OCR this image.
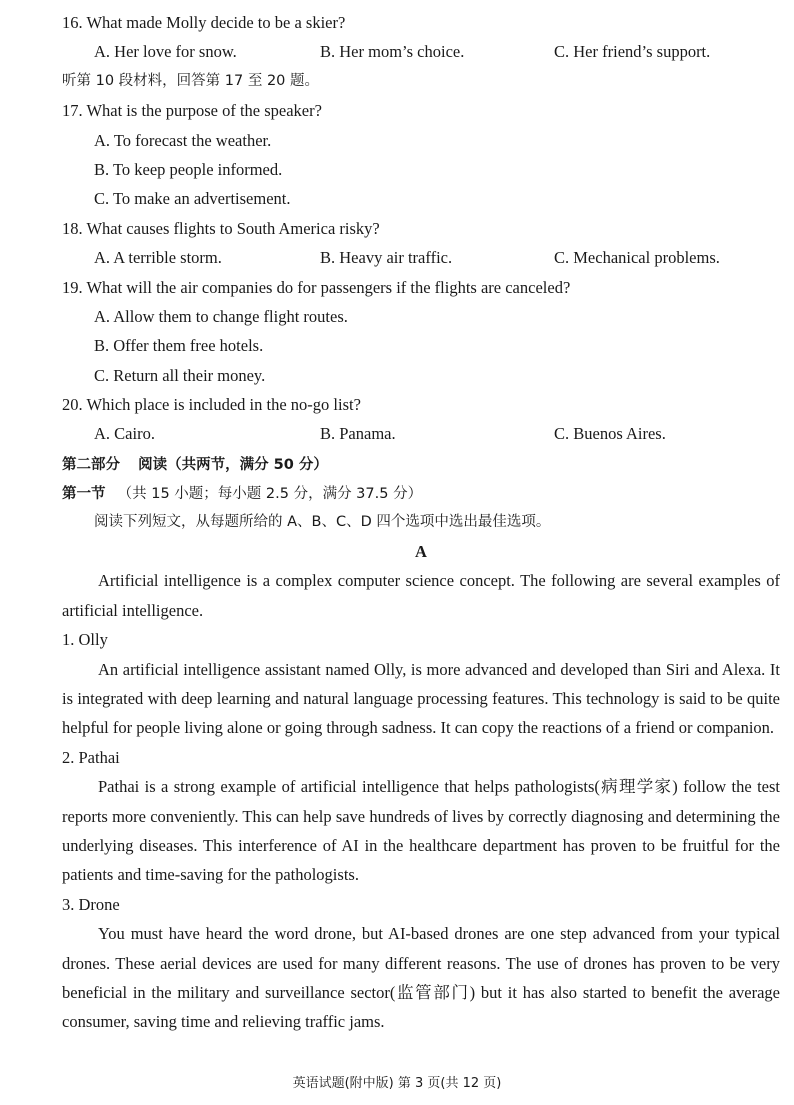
16. What made Molly decide to be a skier?
A. Her love for snow.	B. Her mom’s choice.	C. Her friend’s support.
听第 10 段材料，回答第 17 至 20 题。
17. What is the purpose of the speaker?
A. To forecast the weather.
B. To keep people informed.
C. To make an advertisement.
18. What causes flights to South America risky?
A. A terrible storm.	B. Heavy air traffic.	C. Mechanical problems.
19. What will the air companies do for passengers if the flights are canceled?
A. Allow them to change flight routes.
B. Offer them free hotels.
C. Return all their money.
20. Which place is included in the no-go list?
A. Cairo.	B. Panama.	C. Buenos Aires.
第二部分 阅读（共两节，满分 50 分）
第一节 （共 15 小题；每小题 2.5 分，满分 37.5 分）
阅读下列短文，从每题所给的 A、B、C、D 四个选项中选出最佳选项。
A

Artificial intelligence is a complex computer science concept. The following are several examples of artificial intelligence.

1. Olly

An artificial intelligence assistant named Olly, is more advanced and developed than Siri and Alexa. It is integrated with deep learning and natural language processing features. This technology is said to be quite helpful for people living alone or going through sadness. It can copy the reactions of a friend or companion.

2. Pathai

Pathai is a strong example of artificial intelligence that helps pathologists(病理学家) follow the test reports more conveniently. This can help save hundreds of lives by correctly diagnosing and determining the underlying diseases. This interference of AI in the healthcare department has proven to be fruitful for the patients and time-saving for the pathologists.

3. Drone

You must have heard the word drone, but AI-based drones are one step advanced from your typical drones. These aerial devices are used for many different reasons. The use of drones has proven to be very beneficial in the military and surveillance sector(监管部门) but it has also started to benefit the average consumer, saving time and relieving traffic jams.

英语试题(附中版) 第 3 页(共 12 页)
